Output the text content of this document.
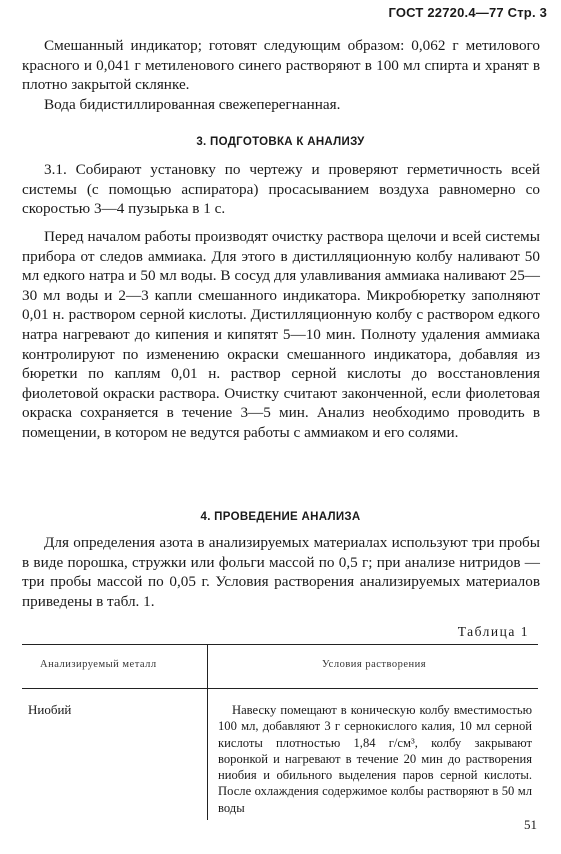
ГОСТ 22720.4—77 Стр. 3

Смешанный индикатор; готовят следующим образом: 0,062 г метилового красного и 0,041 г метиленового синего растворяют в 100 мл спирта и хранят в плотно закрытой склянке.

Вода бидистиллированная свежеперегнанная.

3. ПОДГОТОВКА К АНАЛИЗУ

3.1. Собирают установку по чертежу и проверяют герметичность всей системы (с помощью аспиратора) просасыванием воздуха равномерно со скоростью 3—4 пузырька в 1 с.

Перед началом работы производят очистку раствора щелочи и всей системы прибора от следов аммиака. Для этого в дистилляционную колбу наливают 50 мл едкого натра и 50 мл воды. В сосуд для улавливания аммиака наливают 25—30 мл воды и 2—3 капли смешанного индикатора. Микробюретку заполняют 0,01 н. раствором серной кислоты. Дистилляционную колбу с раствором едкого натра нагревают до кипения и кипятят 5—10 мин. Полноту удаления аммиака контролируют по изменению окраски смешанного индикатора, добавляя из бюретки по каплям 0,01 н. раствор серной кислоты до восстановления фиолетовой окраски раствора. Очистку считают законченной, если фиолетовая окраска сохраняется в течение 3—5 мин. Анализ необходимо проводить в помещении, в котором не ведутся работы с аммиаком и его солями.

4. ПРОВЕДЕНИЕ АНАЛИЗА

Для определения азота в анализируемых материалах используют три пробы в виде порошка, стружки или фольги массой по 0,5 г; при анализе нитридов — три пробы массой по 0,05 г. Условия растворения анализируемых материалов приведены в табл. 1.

Таблица 1
Анализируемый металл	Условия растворения
Ниобий	Навеску помещают в коническую колбу вместимостью 100 мл, добавляют 3 г сернокислого калия, 10 мл серной кислоты плотностью 1,84 г/см³, колбу закрывают воронкой и нагревают в течение 20 мин до растворения ниобия и обильного выделения паров серной кислоты. После охлаждения содержимое колбы растворяют в 50 мл воды

51
